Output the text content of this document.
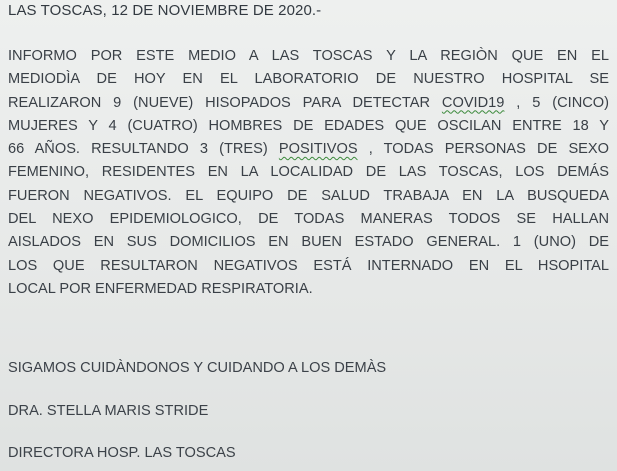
LAS TOSCAS, 12 DE NOVIEMBRE DE 2020.-
INFORMO POR ESTE MEDIO A LAS TOSCAS Y LA REGIÒN QUE EN EL
MEDIODÌA DE HOY EN EL LABORATORIO DE NUESTRO HOSPITAL SE
REALIZARON 9 (NUEVE) HISOPADOS PARA DETECTAR COVID19 , 5 (CINCO)
MUJERES Y 4 (CUATRO) HOMBRES DE EDADES QUE OSCILAN ENTRE 18 Y
66 AÑOS. RESULTANDO 3 (TRES) POSITIVOS , TODAS PERSONAS DE SEXO
FEMENINO, RESIDENTES EN LA LOCALIDAD DE LAS TOSCAS, LOS DEMÁS
FUERON NEGATIVOS. EL EQUIPO DE SALUD TRABAJA EN LA BUSQUEDA
DEL NEXO EPIDEMIOLOGICO, DE TODAS MANERAS TODOS SE HALLAN
AISLADOS EN SUS DOMICILIOS EN BUEN ESTADO GENERAL. 1 (UNO) DE
LOS QUE RESULTARON NEGATIVOS ESTÁ INTERNADO EN EL HSOPITAL
LOCAL POR ENFERMEDAD RESPIRATORIA.
SIGAMOS CUIDÀNDONOS Y CUIDANDO A LOS DEMÀS
DRA. STELLA MARIS STRIDE
DIRECTORA HOSP. LAS TOSCAS
